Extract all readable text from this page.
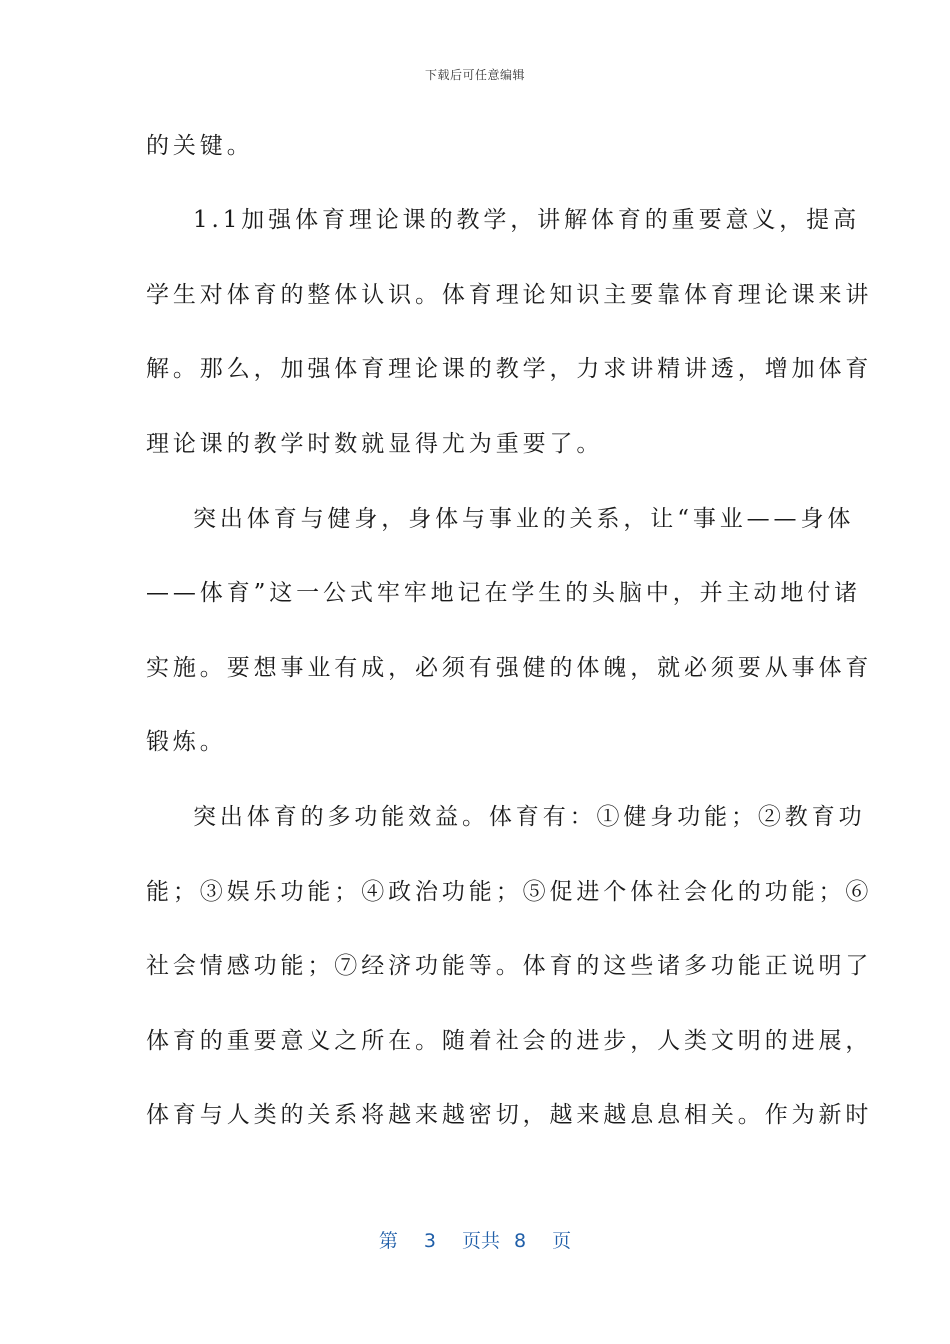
下载后可任意编辑
的关键。
1.1加强体育理论课的教学，讲解体育的重要意义，提高
学生对体育的整体认识。体育理论知识主要靠体育理论课来讲
解。那么，加强体育理论课的教学，力求讲精讲透，增加体育
理论课的教学时数就显得尤为重要了。
突出体育与健身，身体与事业的关系，让“事业——身体
——体育”这一公式牢牢地记在学生的头脑中，并主动地付诸
实施。要想事业有成，必须有强健的体魄，就必须要从事体育
锻炼。
突出体育的多功能效益。体育有：①健身功能；②教育功
能；③娱乐功能；④政治功能；⑤促进个体社会化的功能；⑥
社会情感功能；⑦经济功能等。体育的这些诸多功能正说明了
体育的重要意义之所在。随着社会的进步，人类文明的进展，
体育与人类的关系将越来越密切，越来越息息相关。作为新时
第 3 页共 8 页
